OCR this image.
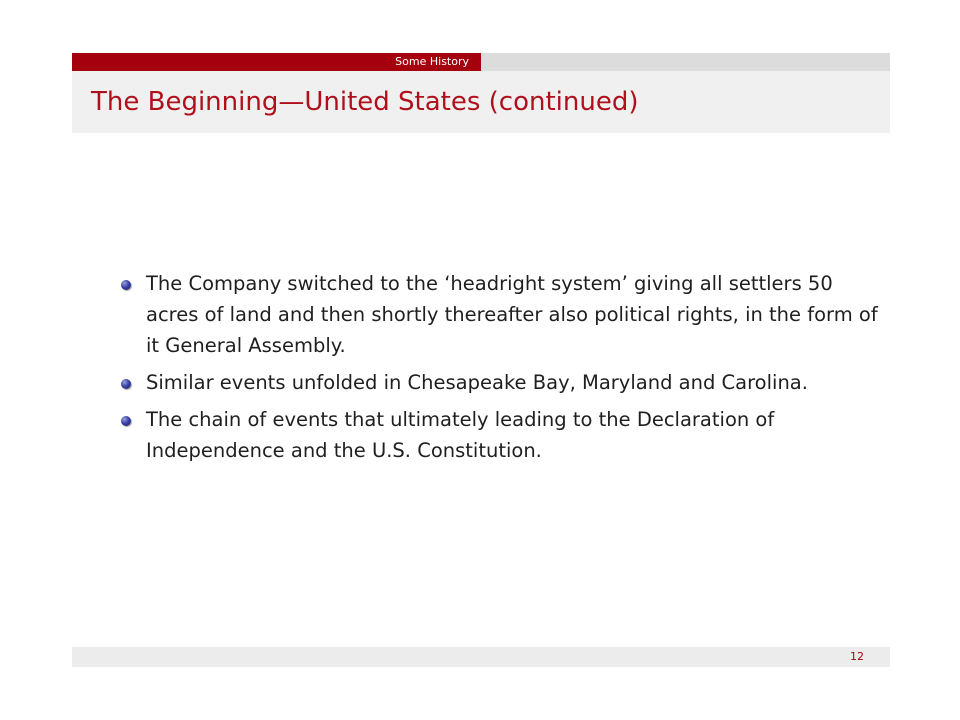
Some History
The Beginning—United States (continued)
The Company switched to the ‘headright system’ giving all settlers 50 acres of land and then shortly thereafter also political rights, in the form of it General Assembly.
Similar events unfolded in Chesapeake Bay, Maryland and Carolina.
The chain of events that ultimately leading to the Declaration of Independence and the U.S. Constitution.
12
